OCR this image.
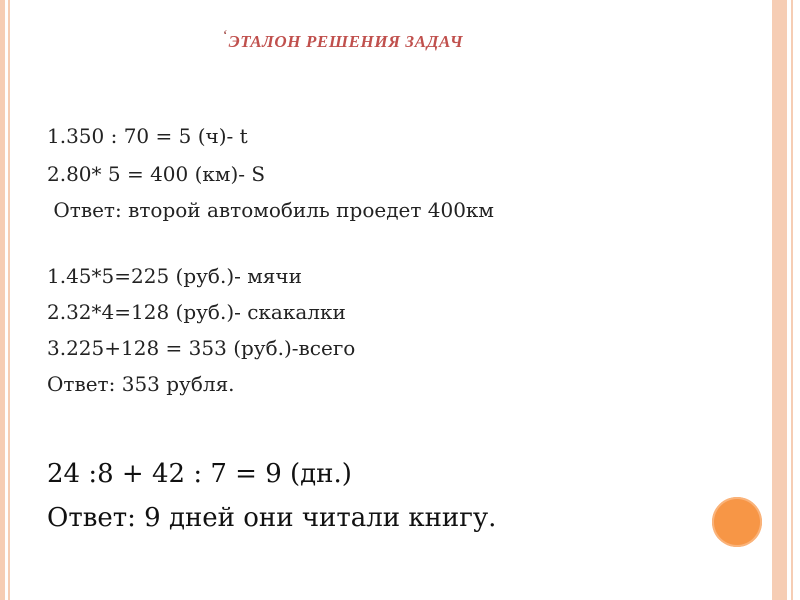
‘ЭТАЛОН РЕШЕНИЯ ЗАДАЧ
1.350 : 70 = 5 (ч)- t
2.80* 5 = 400 (км)- S
Ответ: второй автомобиль проедет 400км
1.45*5=225 (руб.)- мячи
2.32*4=128 (руб.)- скакалки
3.225+128 = 353 (руб.)-всего
Ответ: 353 рубля.
24 :8 + 42 : 7 = 9 (дн.)
Ответ: 9 дней они читали книгу.
